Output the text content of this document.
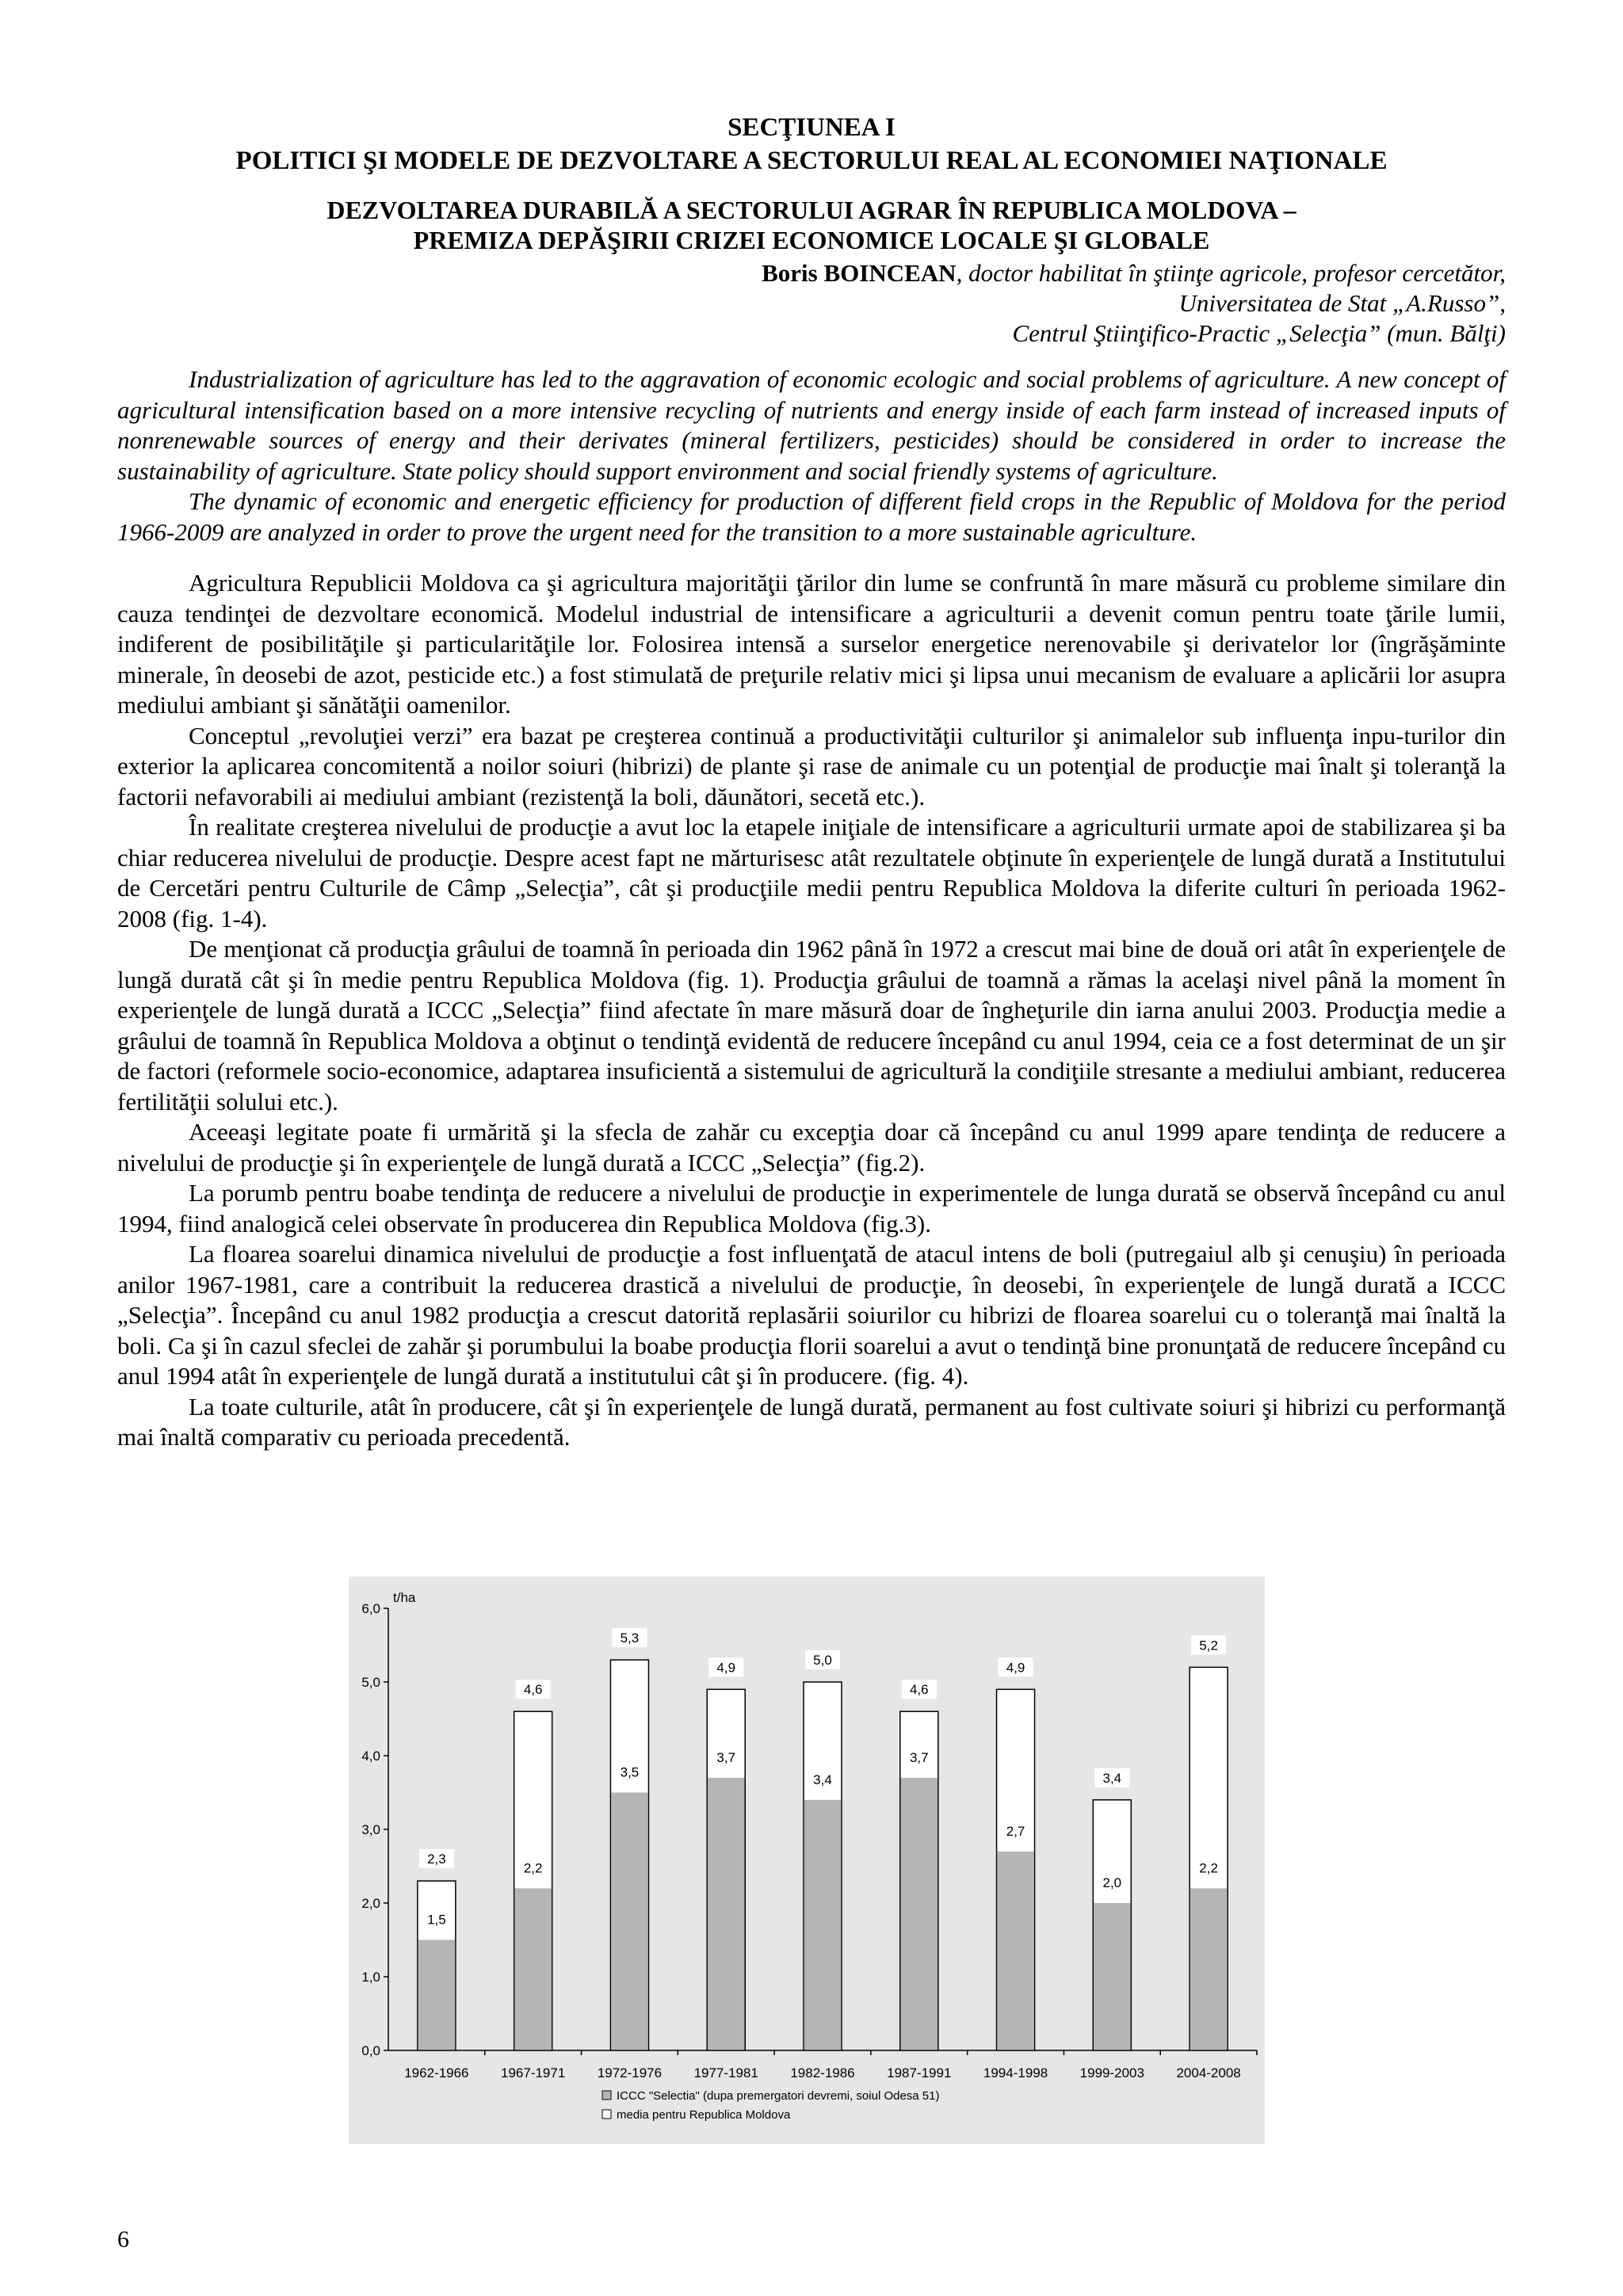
SECŢIUNEA I

POLITICI ŞI MODELE DE DEZVOLTARE A SECTORULUI REAL AL ECONOMIEI NAŢIONALE

DEZVOLTAREA DURABILĂ A SECTORULUI AGRAR ÎN REPUBLICA MOLDOVA –

PREMIZA DEPĂŞIRII CRIZEI ECONOMICE LOCALE ŞI GLOBALE

Boris BOINCEAN, doctor habilitat în ştiinţe agricole, profesor cercetător,
Universitatea de Stat „A.Russo”,
Centrul Ştiinţifico-Practic „Selecţia” (mun. Bălţi)

Industrialization of agriculture has led to the aggravation of economic ecologic and social problems of agriculture. A new concept of agricultural intensification based on a more intensive recycling of nutrients and energy inside of each farm instead of increased inputs of nonrenewable sources of energy and their derivates (mineral fertilizers, pesticides) should be considered in order to increase the sustainability of agriculture. State policy should support environment and social friendly systems of agriculture.

The dynamic of economic and energetic efficiency for production of different field crops in the Republic of Moldova for the period 1966-2009 are analyzed in order to prove the urgent need for the transition to a more sustainable agriculture.

Agricultura Republicii Moldova ca şi agricultura majorităţii ţărilor din lume se confruntă în mare măsură cu probleme similare din cauza tendinţei de dezvoltare economică. Modelul industrial de intensificare a agriculturii a devenit comun pentru toate ţările lumii, indiferent de posibilităţile şi particularităţile lor. Folosirea intensă a surselor energetice nerenovabile şi derivatelor lor (îngrăşăminte minerale, în deosebi de azot, pesticide etc.) a fost stimulată de preţurile relativ mici şi lipsa unui mecanism de evaluare a aplicării lor asupra mediului ambiant şi sănătăţii oamenilor.

Conceptul „revoluţiei verzi” era bazat pe creşterea continuă a productivităţii culturilor şi animalelor sub influenţa inpu-turilor din exterior la aplicarea concomitentă a noilor soiuri (hibrizi) de plante şi rase de animale cu un potenţial de producţie mai înalt şi toleranţă la factorii nefavorabili ai mediului ambiant (rezistenţă la boli, dăunători, secetă etc.).

În realitate creşterea nivelului de producţie a avut loc la etapele iniţiale de intensificare a agriculturii urmate apoi de stabilizarea şi ba chiar reducerea nivelului de producţie. Despre acest fapt ne mărturisesc atât rezultatele obţinute în experienţele de lungă durată a Institutului de Cercetări pentru Culturile de Câmp „Selecţia”, cât şi producţiile medii pentru Republica Moldova la diferite culturi în perioada 1962-2008 (fig. 1-4).

De menţionat că producţia grâului de toamnă în perioada din 1962 până în 1972 a crescut mai bine de două ori atât în experienţele de lungă durată cât şi în medie pentru Republica Moldova (fig. 1). Producţia grâului de toamnă a rămas la acelaşi nivel până la moment în experienţele de lungă durată a ICCC „Selecţia” fiind afectate în mare măsură doar de îngheţurile din iarna anului 2003. Producţia medie a grâului de toamnă în Republica Moldova a obţinut o tendinţă evidentă de reducere începând cu anul 1994, ceia ce a fost determinat de un şir de factori (reformele socio-economice, adaptarea insuficientă a sistemului de agricultură la condiţiile stresante a mediului ambiant, reducerea fertilităţii solului etc.).

Aceeaşi legitate poate fi urmărită şi la sfecla de zahăr cu excepţia doar că începând cu anul 1999 apare tendinţa de reducere a nivelului de producţie şi în experienţele de lungă durată a ICCC „Selecţia” (fig.2).

La porumb pentru boabe tendinţa de reducere a nivelului de producţie in experimentele de lunga durată se observă începând cu anul 1994, fiind analogică celei observate în producerea din Republica Moldova (fig.3).

La floarea soarelui dinamica nivelului de producţie a fost influenţată de atacul intens de boli (putregaiul alb şi cenuşiu) în perioada anilor 1967-1981, care a contribuit la reducerea drastică a nivelului de producţie, în deosebi, în experienţele de lungă durată a ICCC „Selecţia”. Începând cu anul 1982 producţia a crescut datorită replasării soiurilor cu hibrizi de floarea soarelui cu o toleranţă mai înaltă la boli. Ca şi în cazul sfeclei de zahăr şi porumbului la boabe producţia florii soarelui a avut o tendinţă bine pronunţată de reducere începând cu anul 1994 atât în experienţele de lungă durată a institutului cât şi în producere. (fig. 4).

La toate culturile, atât în producere, cât şi în experienţele de lungă durată, permanent au fost cultivate soiuri şi hibrizi cu performanţă mai înaltă comparativ cu perioada precedentă.

t/ha
0,0
1,0
2,0
3,0
4,0
5,0
6,0
2,3
1,5
1962-1966
4,6
2,2
1967-1971
5,3
3,5
1972-1976
4,9
3,7
1977-1981
5,0
3,4
1982-1986
4,6
3,7
1987-1991
4,9
2,7
1994-1998
3,4
2,0
1999-2003
5,2
2,2
2004-2008
ICCC "Selectia" (dupa premergatori devremi, soiul Odesa 51)
media pentru Republica Moldova
6
